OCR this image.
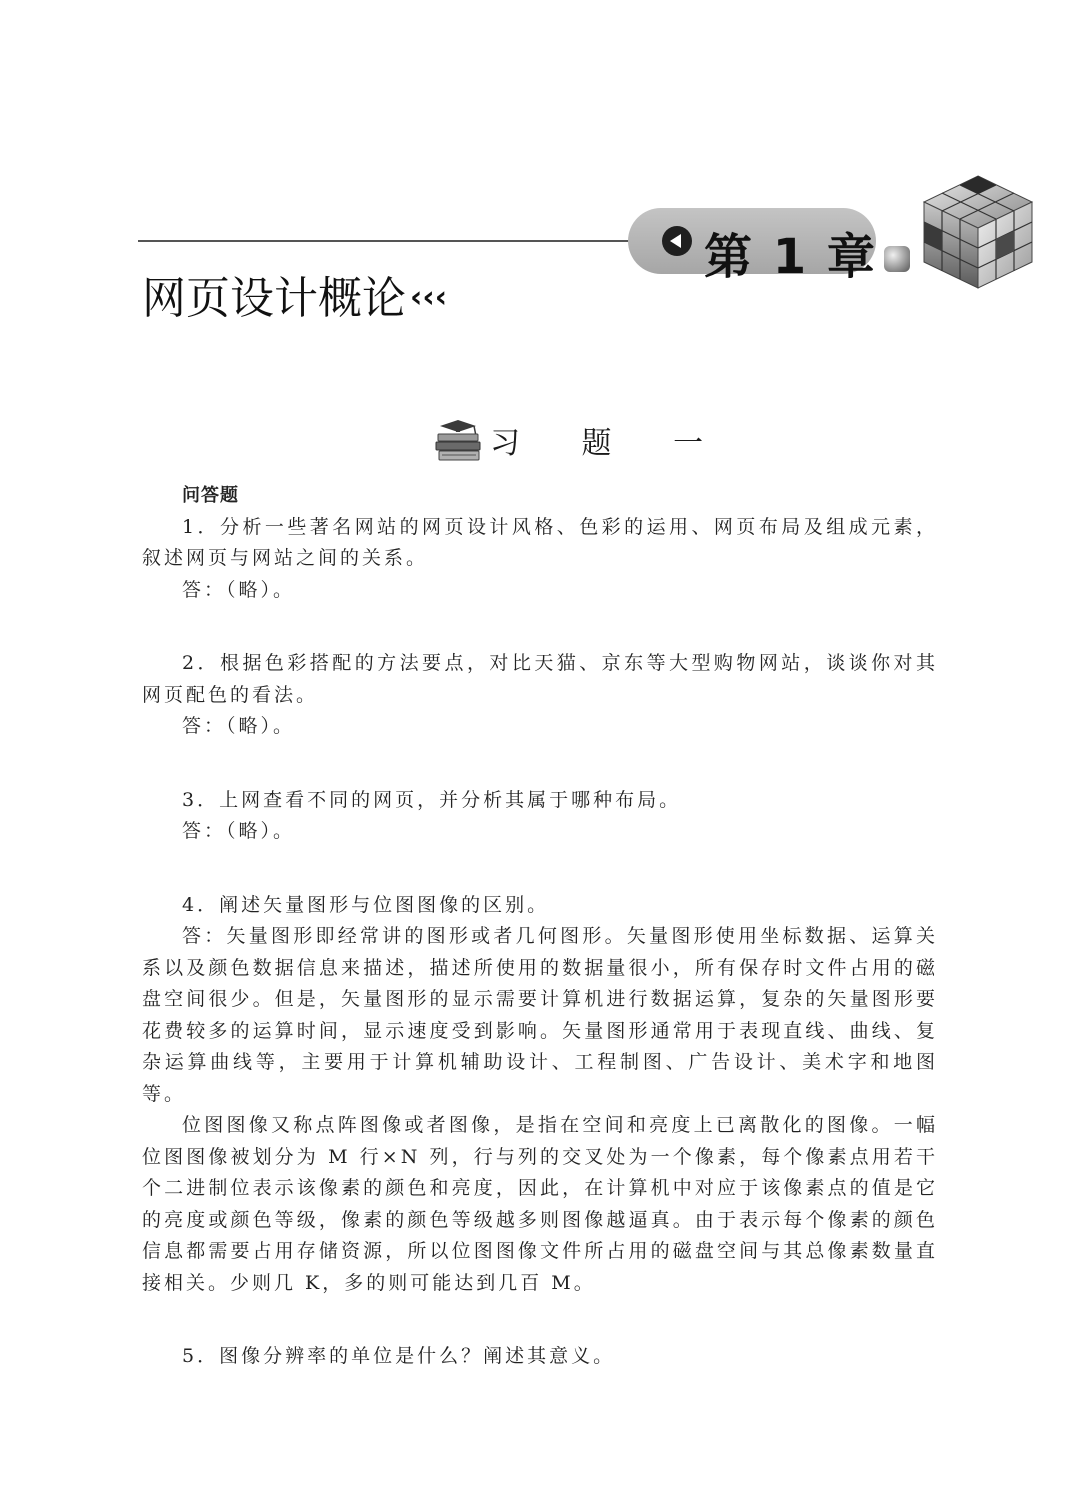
第 1 章
网页设计概论 ‹‹‹
习 题 一

问答题

1．分析一些著名网站的网页设计风格、色彩的运用、网页布局及组成元素，叙述网页与网站之间的关系。

答：（略）。

2．根据色彩搭配的方法要点，对比天猫、京东等大型购物网站，谈谈你对其网页配色的看法。

答：（略）。

3．上网查看不同的网页，并分析其属于哪种布局。

答：（略）。

4．阐述矢量图形与位图图像的区别。

答：矢量图形即经常讲的图形或者几何图形。矢量图形使用坐标数据、运算关系以及颜色数据信息来描述，描述所使用的数据量很小，所有保存时文件占用的磁盘空间很少。但是，矢量图形的显示需要计算机进行数据运算，复杂的矢量图形要花费较多的运算时间，显示速度受到影响。矢量图形通常用于表现直线、曲线、复杂运算曲线等，主要用于计算机辅助设计、工程制图、广告设计、美术字和地图等。

位图图像又称点阵图像或者图像，是指在空间和亮度上已离散化的图像。一幅位图图像被划分为 M 行×N 列，行与列的交叉处为一个像素，每个像素点用若干个二进制位表示该像素的颜色和亮度，因此，在计算机中对应于该像素点的值是它的亮度或颜色等级，像素的颜色等级越多则图像越逼真。由于表示每个像素的颜色信息都需要占用存储资源，所以位图图像文件所占用的磁盘空间与其总像素数量直接相关。少则几 K，多的则可能达到几百 M。

5．图像分辨率的单位是什么？阐述其意义。
